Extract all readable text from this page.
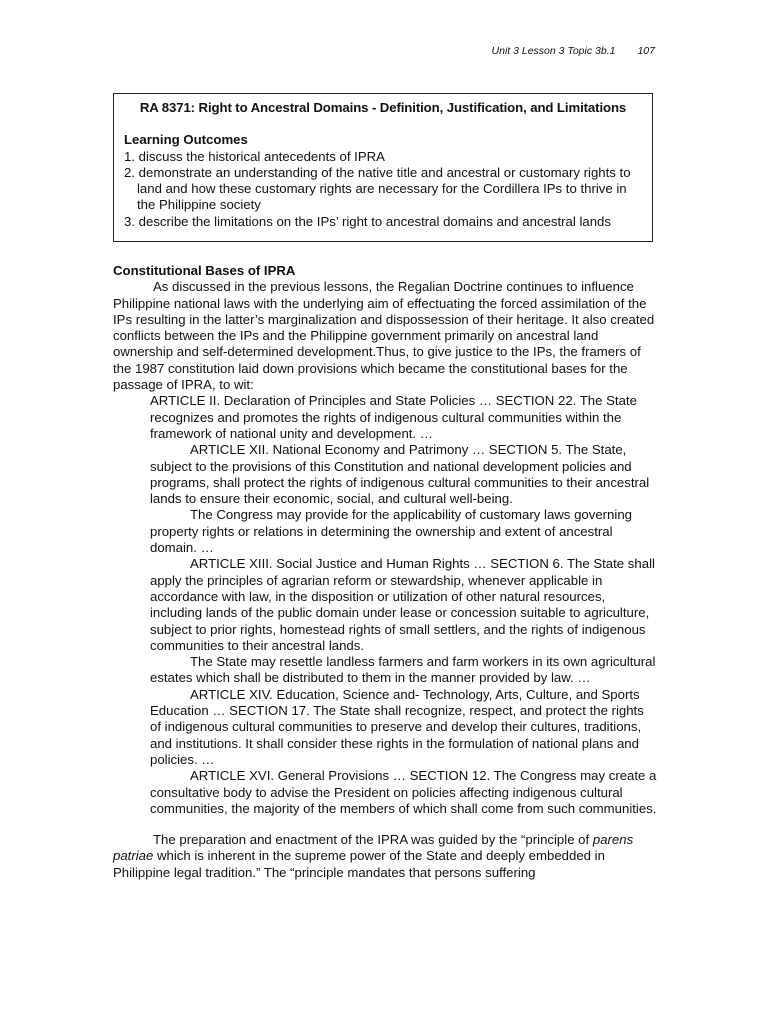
Unit 3 Lesson 3 Topic 3b.1 107
RA 8371: Right to Ancestral Domains - Definition, Justification, and Limitations
Learning Outcomes
1. discuss the historical antecedents of IPRA
2. demonstrate an understanding of the native title and ancestral or customary rights to land and how these customary rights are necessary for the Cordillera IPs to thrive in the Philippine society
3. describe the limitations on the IPs’ right to ancestral domains and ancestral lands
Constitutional Bases of IPRA

As discussed in the previous lessons, the Regalian Doctrine continues to influence Philippine national laws with the underlying aim of effectuating the forced assimilation of the IPs resulting in the latter’s marginalization and dispossession of their heritage. It also created conflicts between the IPs and the Philippine government primarily on ancestral land ownership and self-determined development.Thus, to give justice to the IPs, the framers of the 1987 constitution laid down provisions which became the constitutional bases for the passage of IPRA, to wit:

ARTICLE II. Declaration of Principles and State Policies … SECTION 22. The State recognizes and promotes the rights of indigenous cultural communities within the framework of national unity and development. …

ARTICLE XII. National Economy and Patrimony … SECTION 5. The State, subject to the provisions of this Constitution and national development policies and programs, shall protect the rights of indigenous cultural communities to their ancestral lands to ensure their economic, social, and cultural well-being.

The Congress may provide for the applicability of customary laws governing property rights or relations in determining the ownership and extent of ancestral domain. …

ARTICLE XIII. Social Justice and Human Rights … SECTION 6. The State shall apply the principles of agrarian reform or stewardship, whenever applicable in accordance with law, in the disposition or utilization of other natural resources, including lands of the public domain under lease or concession suitable to agriculture, subject to prior rights, homestead rights of small settlers, and the rights of indigenous communities to their ancestral lands.

The State may resettle landless farmers and farm workers in its own agricultural estates which shall be distributed to them in the manner provided by law. …

ARTICLE XIV. Education, Science and- Technology, Arts, Culture, and Sports Education … SECTION 17. The State shall recognize, respect, and protect the rights of indigenous cultural communities to preserve and develop their cultures, traditions, and institutions. It shall consider these rights in the formulation of national plans and policies. …

ARTICLE XVI. General Provisions … SECTION 12. The Congress may create a consultative body to advise the President on policies affecting indigenous cultural communities, the majority of the members of which shall come from such communities.

The preparation and enactment of the IPRA was guided by the “principle of parens patriae which is inherent in the supreme power of the State and deeply embedded in Philippine legal tradition.” The “principle mandates that persons suffering
